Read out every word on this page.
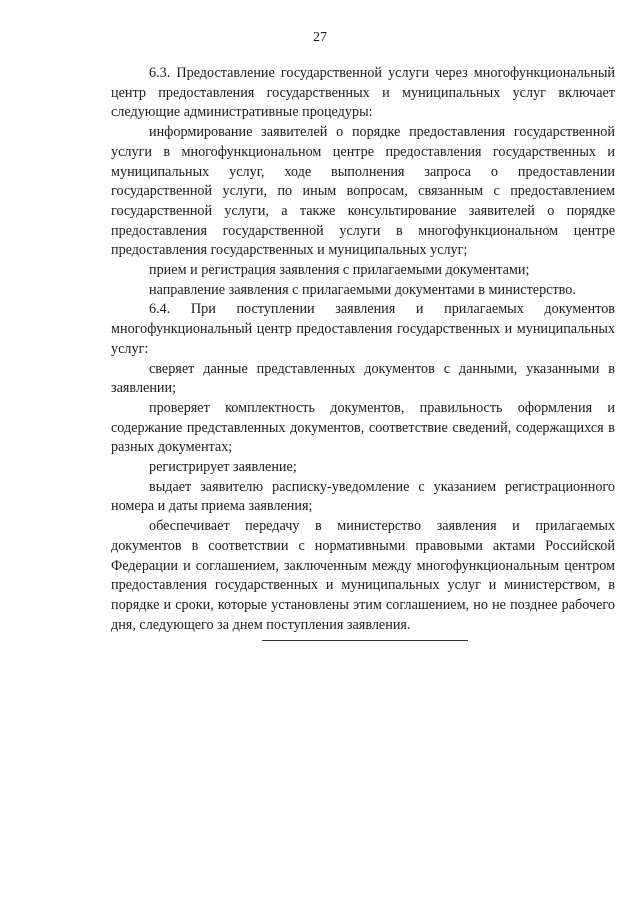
27

6.3. Предоставление государственной услуги через многофункциональный центр предоставления государственных и муниципальных услуг включает следующие административные процедуры:

информирование заявителей о порядке предоставления государственной услуги в многофункциональном центре предоставления государственных и муниципальных услуг, ходе выполнения запроса о предоставлении государственной услуги, по иным вопросам, связанным с предоставлением государственной услуги, а также консультирование заявителей о порядке предоставления государственной услуги в многофункциональном центре предоставления государственных и муниципальных услуг;

прием и регистрация заявления с прилагаемыми документами;

направление заявления с прилагаемыми документами в министерство.

6.4. При поступлении заявления и прилагаемых документов многофункциональный центр предоставления государственных и муниципальных услуг:

сверяет данные представленных документов с данными, указанными в заявлении;

проверяет комплектность документов, правильность оформления и содержание представленных документов, соответствие сведений, содержащихся в разных документах;

регистрирует заявление;

выдает заявителю расписку-уведомление с указанием регистрационного номера и даты приема заявления;

обеспечивает передачу в министерство заявления и прилагаемых документов в соответствии с нормативными правовыми актами Российской Федерации и соглашением, заключенным между многофункциональным центром предоставления государственных и муниципальных услуг и министерством, в порядке и сроки, которые установлены этим соглашением, но не позднее рабочего дня, следующего за днем поступления заявления.
